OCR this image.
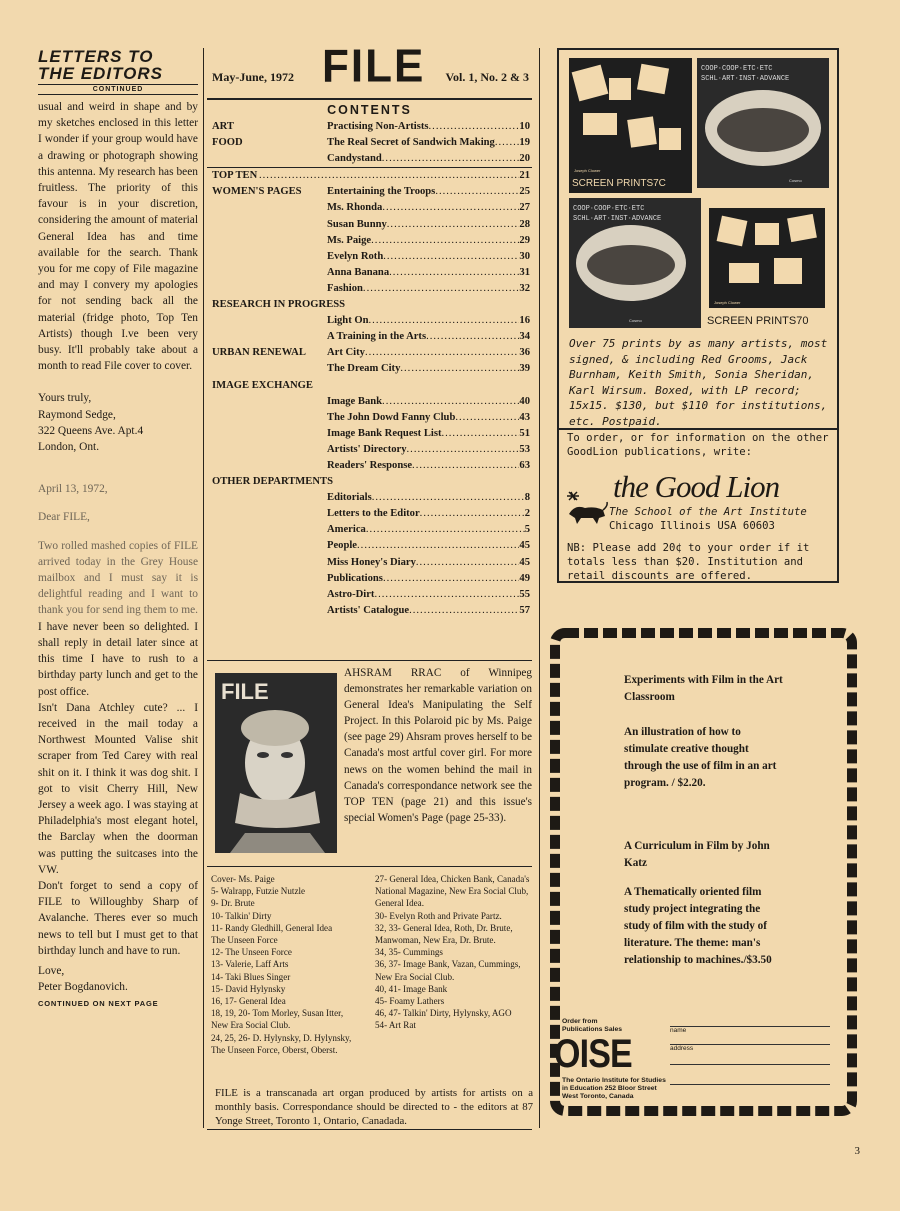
LETTERS TO
THE EDITORS
CONTINUED

usual and weird in shape and by my sketches enclosed in this letter I wonder if your group would have a drawing or photograph showing this antenna. My research has been fruitless. The priority of this favour is in your discretion, considering the amount of material General Idea has and time available for the search. Thank you for me copy of File magazine and may I convery my apologies for not sending back all the material (fridge photo, Top Ten Artists) though I.ve been very busy. It'll probably take about a month to read File cover to cover.

Yours truly,

Raymond Sedge,

322 Queens Ave. Apt.4

London, Ont.

April 13, 1972,

Dear FILE,

Two rolled mashed copies of FILE arrived today in the Grey House mailbox and I must say it is delightful reading and I want to thank you for send ing them to me. I have never been so delighted. I shall reply in detail later since at this time I have to rush to a birthday party lunch and get to the post office.

Isn't Dana Atchley cute? ... I received in the mail today a Northwest Mounted Valise shit scraper from Ted Carey with real shit on it. I think it was dog shit. I got to visit Cherry Hill, New Jersey a week ago. I was staying at Philadelphia's most elegant hotel, the Barclay when the doorman was putting the suitcases into the VW.

Don't forget to send a copy of FILE to Willoughby Sharp of Avalanche. Theres ever so much news to tell but I must get to that birthday lunch and have to run.

Love,

Peter Bogdanovich.

CONTINUED ON NEXT PAGE
May-June, 1972 FILE Vol. 1, No. 2 & 3
CONTENTS
ART	Practising Non-Artists .....	10
FOOD	The Real Secret of Sandwich Making ..... 19
Candystand .....	20
TOP TEN .....	21
WOMEN'S PAGES Entertaining the Troops .....	25
Ms. Rhonda .....	27
Susan Bunny .....	28
Ms. Paige .....	29
Evelyn Roth .....	30
Anna Banana .....	31
Fashion .....	32
RESEARCH IN PROGRESS
Light On .....	16
A Training in the Arts .....	34
URBAN RENEWAL Art City .....	36
The Dream City .....	39
IMAGE EXCHANGE
Image Bank .....	40
The John Dowd Fanny Club .....	43
Image Bank Request List .....	51
Artists' Directory .....	53
Readers' Response .....	63
OTHER DEPARTMENTS
Editorials .....	8
Letters to the Editor .....	2
America .....	5
People .....	45
Miss Honey's Diary .....	45
Publications .....	49
Astro-Dirt .....	55
Artists' Catalogue .....	57
FILE
AHSRAM RRAC of Winnipeg demonstrates her remarkable variation on General Idea's Manipulating the Self Project. In this Polaroid pic by Ms. Paige (see page 29) Ahsram proves herself to be Canada's most artful cover girl. For more news on the women behind the mail in Canada's correspondance network see the TOP TEN (page 21) and this issue's special Women's Page (page 25-33).
Cover- Ms. Paige
5- Walrapp, Futzie Nutzle
9- Dr. Brute
10- Talkin' Dirty
11- Randy Gledhill, General Idea
The Unseen Force
12- The Unseen Force
13- Valerie, Laff Arts
14- Taki Blues Singer
15- David Hylynsky
16, 17- General Idea
18, 19, 20- Tom Morley, Susan Itter, New Era Social Club.
24, 25, 26- D. Hylynsky, D. Hylynsky, The Unseen Force, Oberst, Oberst.
27- General Idea, Chicken Bank, Canada's National Magazine, New Era Social Club, General Idea.
30- Evelyn Roth and Private Partz.
32, 33- General Idea, Roth, Dr. Brute, Manwoman, New Era, Dr. Brute.
34, 35- Cummings
36, 37- Image Bank, Vazan, Cummings, New Era Social Club.
40, 41- Image Bank
45- Foamy Lathers
46, 47- Talkin' Dirty, Hylynsky, AGO
54- Art Rat
FILE is a transcanada art organ produced by artists for artists on a monthly basis. Correspondance should be directed to - the editors at 87 Yonge Street, Toronto 1, Ontario, Canadada.
SCREEN PRINTS7C
Joseph Clower
COOP·COOP·ETC·ETC
SCHL·ART·INST·ADVANCE
Cosmo
COOP·COOP·ETC·ETC
SCHL·ART·INST·ADVANCE
Cosmo
Joseph Clower
SCREEN PRINTS70
Over 75 prints by as many artists, most signed, & including Red Grooms, Jack Burnham, Keith Smith, Sonia Sheridan, Karl Wirsum. Boxed, with LP record; 15x15. $130, but $110 for institutions, etc. Postpaid.
To order, or for information on the other GoodLion publications, write:
the Good Lion
The School of the Art Institute
Chicago Illinois USA 60603
NB: Please add 20¢ to your order if it totals less than $20. Institution and retail discounts are offered.
Experiments with Film in the Art Classroom
An illustration of how to stimulate creative thought through the use of film in an art program. / $2.20.
A Curriculum in Film by John Katz
A Thematically oriented film study project integrating the study of film with the study of literature. The theme: man's relationship to machines./$3.50
Order from Publications Sales
OISE
The Ontario Institute for Studies in Education 252 Bloor Street West Toronto, Canada
name
address
3
